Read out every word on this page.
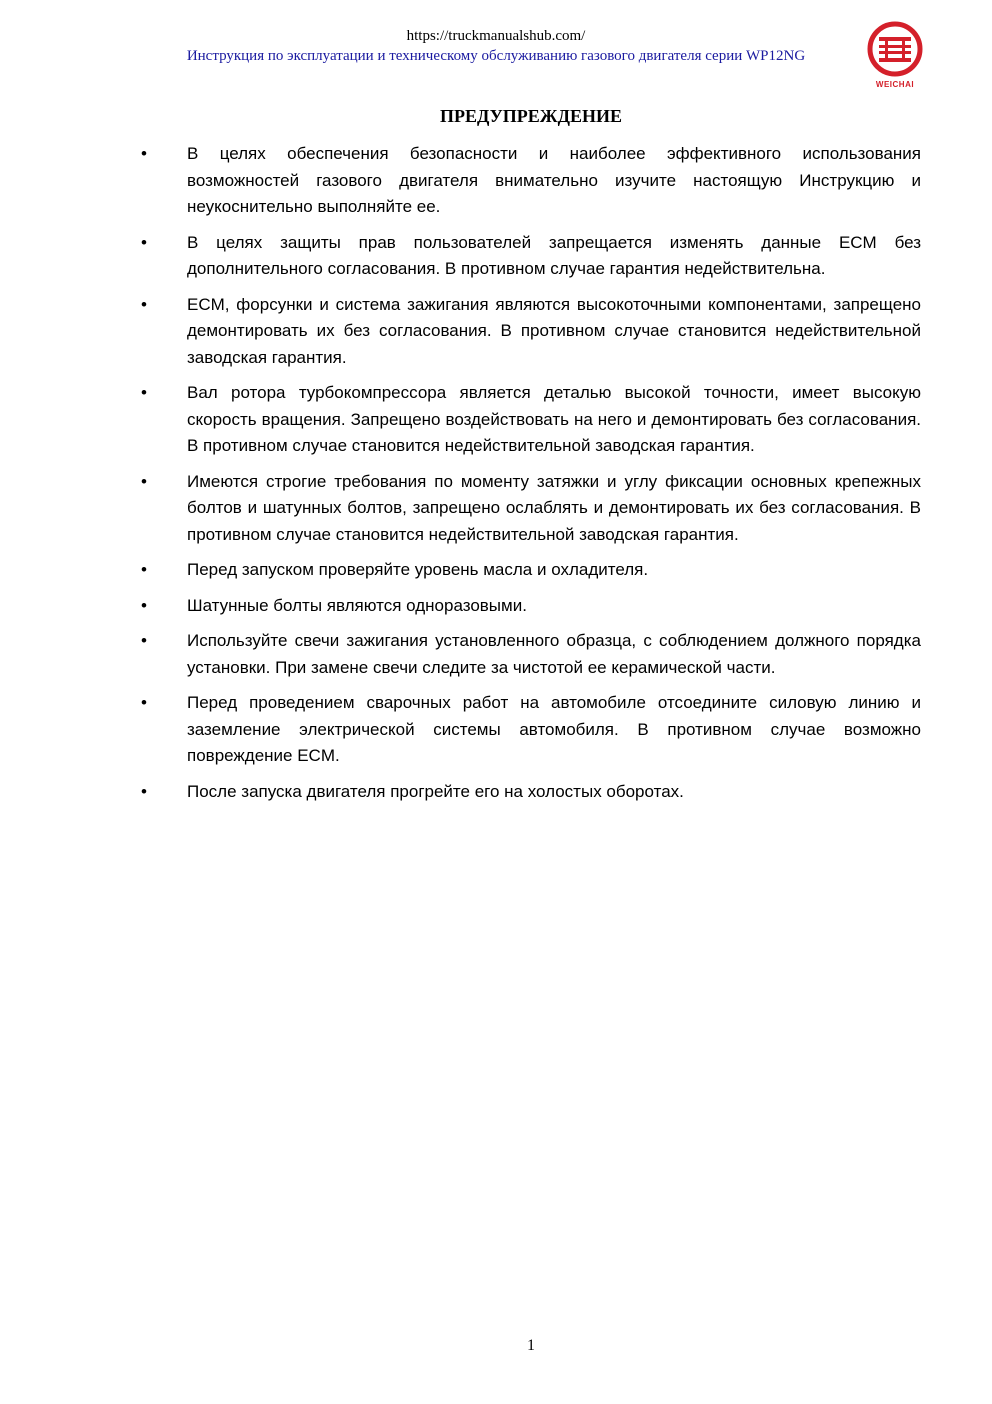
https://truckmanualshub.com/
Инструкция по эксплуатации и техническому обслуживанию газового двигателя серии WP12NG
WEICHAI
ПРЕДУПРЕЖДЕНИЕ
•	В целях обеспечения безопасности и наиболее эффективного использования возможностей газового двигателя внимательно изучите настоящую Инструкцию и неукоснительно выполняйте ее.
•	В целях защиты прав пользователей запрещается изменять данные ECM без дополнительного согласования. В противном случае гарантия недействительна.
•	ECM, форсунки и система зажигания являются высокоточными компонентами, запрещено демонтировать их без согласования. В противном случае становится недействительной заводская гарантия.
•	Вал ротора турбокомпрессора является деталью высокой точности, имеет высокую скорость вращения. Запрещено воздействовать на него и демонтировать без согласования. В противном случае становится недействительной заводская гарантия.
•	Имеются строгие требования по моменту затяжки и углу фиксации основных крепежных болтов и шатунных болтов, запрещено ослаблять и демонтировать их без согласования. В противном случае становится недействительной заводская гарантия.
•	Перед запуском проверяйте уровень масла и охладителя.
•	Шатунные болты являются одноразовыми.
•	Используйте свечи зажигания установленного образца, с соблюдением должного порядка установки. При замене свечи следите за чистотой ее керамической части.
•	Перед проведением сварочных работ на автомобиле отсоедините силовую линию и заземление электрической системы автомобиля. В противном случае возможно повреждение ECM.
•	После запуска двигателя прогрейте его на холостых оборотах.
1
